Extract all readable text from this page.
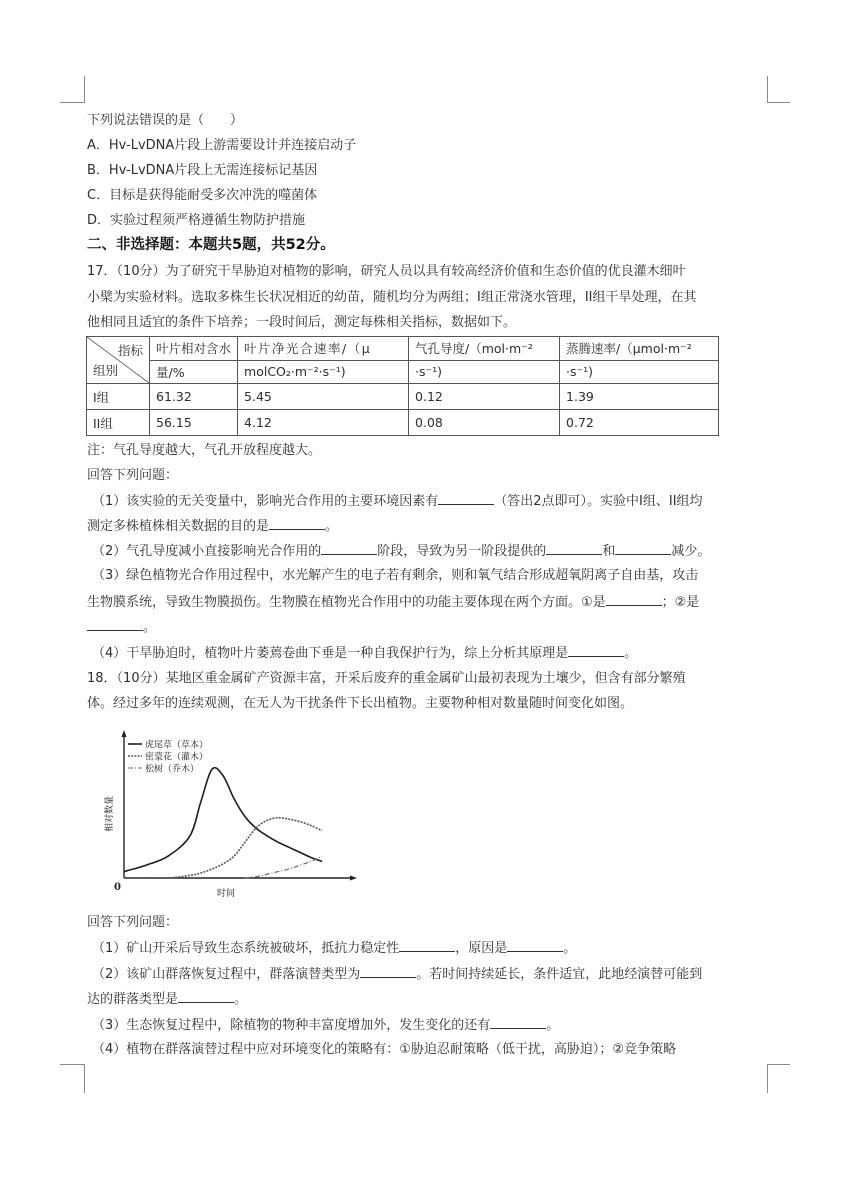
下列说法错误的是（　　）
A．Hv-LvDNA片段上游需要设计并连接启动子
B．Hv-LvDNA片段上无需连接标记基因
C．目标是获得能耐受多次冲洗的噬菌体
D．实验过程须严格遵循生物防护措施
二、非选择题：本题共5题，共52分。
17．（10分）为了研究干旱胁迫对植物的影响，研究人员以具有较高经济价值和生态价值的优良灌木细叶
小檗为实验材料。选取多株生长状况相近的幼苗，随机均分为两组；I组正常浇水管理，II组干旱处理，在其
他相同且适宜的条件下培养；一段时间后，测定每株相关指标，数据如下。
指标
组别	叶片相对含水	叶片净光合速率/（μ	气孔导度/（mol·m⁻²	蒸腾速率/（μmol·m⁻²
	量/%	molCO₂·m⁻²·s⁻¹)	·s⁻¹)	·s⁻¹)
I组	61.32	5.45	0.12	1.39
II组	56.15	4.12	0.08	0.72
注：气孔导度越大，气孔开放程度越大。
回答下列问题：
（1）该实验的无关变量中，影响光合作用的主要环境因素有	（答出2点即可）。实验中I组、II组均
测定多株植株相关数据的目的是	。
（2）气孔导度减小直接影响光合作用的	阶段，导致为另一阶段提供的	和	减少。
（3）绿色植物光合作用过程中，水光解产生的电子若有剩余，则和氧气结合形成超氧阴离子自由基，攻击
生物膜系统，导致生物膜损伤。生物膜在植物光合作用中的功能主要体现在两个方面。①是	；②是
。
（4）干旱胁迫时，植物叶片萎蔫卷曲下垂是一种自我保护行为，综上分析其原理是	。
18．（10分）某地区重金属矿产资源丰富，开采后废弃的重金属矿山最初表现为土壤少，但含有部分繁殖
体。经过多年的连续观测，在无人为干扰条件下长出植物。主要物种相对数量随时间变化如图。
0
时间
相对数量
虎尾草（草本）
密蒙花（灌木）
松树（乔木）
回答下列问题：
（1）矿山开采后导致生态系统被破坏，抵抗力稳定性	，原因是	。
（2）该矿山群落恢复过程中，群落演替类型为	。若时间持续延长，条件适宜，此地经演替可能到
达的群落类型是	。
（3）生态恢复过程中，除植物的物种丰富度增加外，发生变化的还有	。
（4）植物在群落演替过程中应对环境变化的策略有：①胁迫忍耐策略（低干扰，高胁迫）；②竞争策略
